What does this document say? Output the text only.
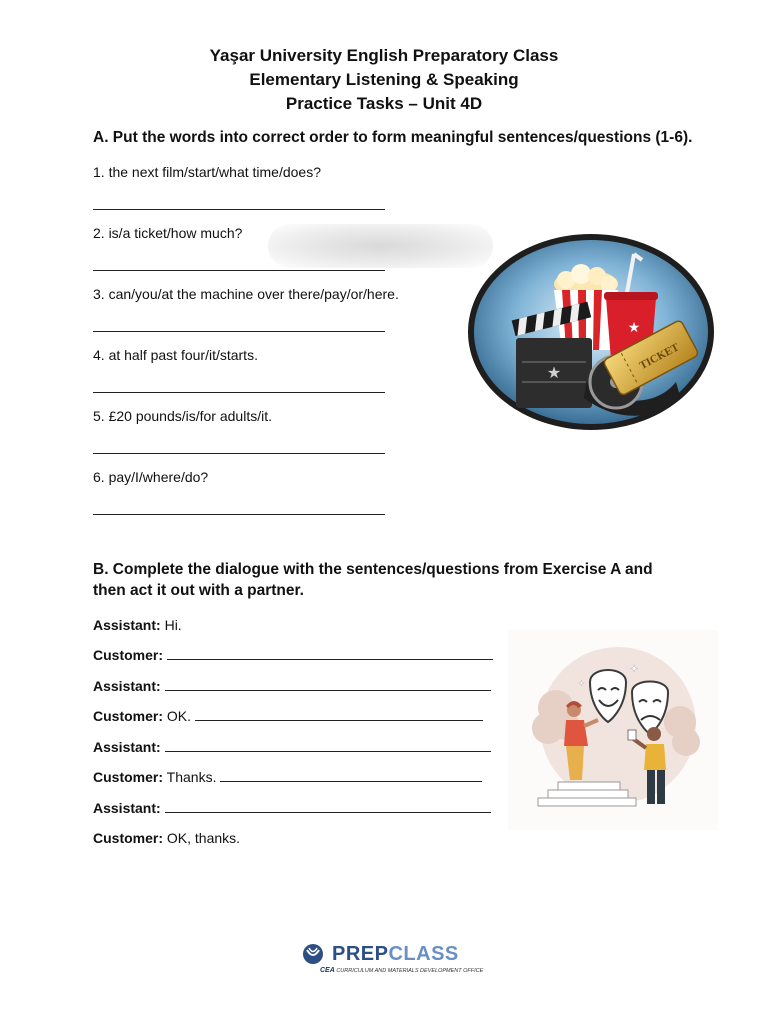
Yaşar University English Preparatory Class
Elementary Listening & Speaking
Practice Tasks – Unit 4D
A. Put the words into correct order to form meaningful sentences/questions (1-6).
1. the next film/start/what time/does?
2. is/a ticket/how much?
3. can/you/at the machine over there/pay/or/here.
4. at half past four/it/starts.
5. £20 pounds/is/for adults/it.
6. pay/I/where/do?
★
★
TICKET
B. Complete the dialogue with the sentences/questions from Exercise A and
then act it out with a partner.
Assistant: Hi.
Customer:
Assistant:
Customer: OK.
Assistant:
Customer: Thanks.
Assistant:
Customer: OK, thanks.
✦
✦
PREPCLASS
CEA CURRICULUM AND MATERIALS DEVELOPMENT OFFICE
